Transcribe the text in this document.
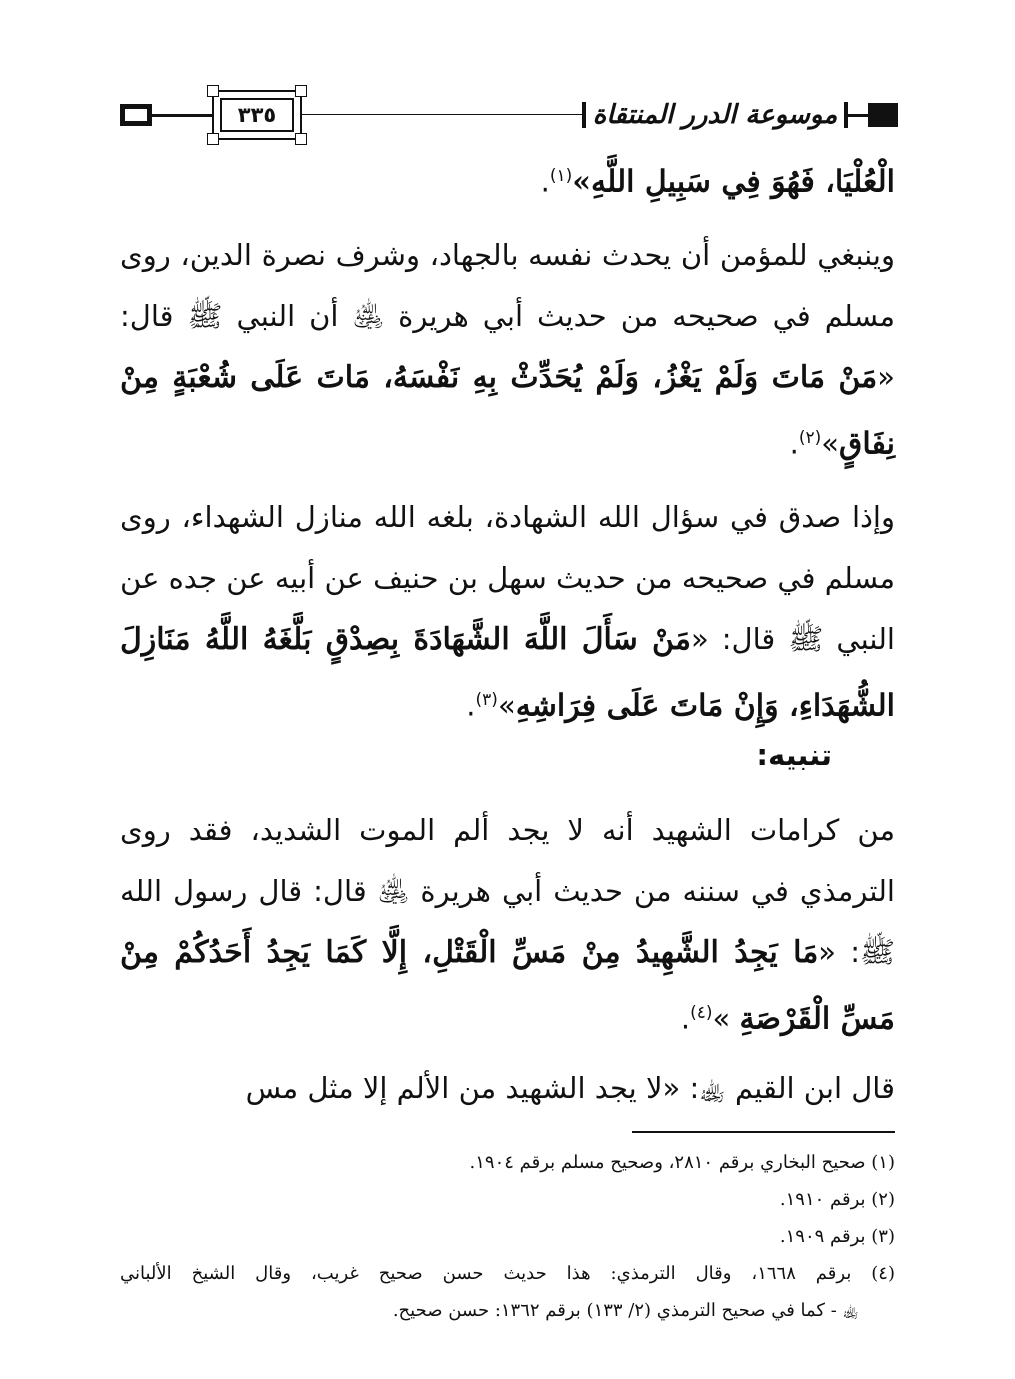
٣٣٥	موسوعة الدرر المنتقاة
الْعُلْيَا، فَهُوَ فِي سَبِيلِ اللَّهِ»$^{(١)}$.
وينبغي للمؤمن أن يحدث نفسه بالجهاد، وشرف نصرة الدين، روى مسلم في صحيحه من حديث أبي هريرة ﵁ أن النبي ﷺ قال: «مَنْ مَاتَ وَلَمْ يَغْزُ، وَلَمْ يُحَدِّثْ بِهِ نَفْسَهُ، مَاتَ عَلَى شُعْبَةٍ مِنْ نِفَاقٍ»$^{(٢)}$.
وإذا صدق في سؤال الله الشهادة، بلغه الله منازل الشهداء، روى مسلم في صحيحه من حديث سهل بن حنيف عن أبيه عن جده عن النبي ﷺ قال: «مَنْ سَأَلَ اللَّهَ الشَّهَادَةَ بِصِدْقٍ بَلَّغَهُ اللَّهُ مَنَازِلَ الشُّهَدَاءِ، وَإِنْ مَاتَ عَلَى فِرَاشِهِ»$^{(٣)}$.
تنبيه:
من كرامات الشهيد أنه لا يجد ألم الموت الشديد، فقد روى الترمذي في سننه من حديث أبي هريرة ﵁ قال: قال رسول الله ﷺ: «مَا يَجِدُ الشَّهِيدُ مِنْ مَسِّ الْقَتْلِ، إِلَّا كَمَا يَجِدُ أَحَدُكُمْ مِنْ مَسِّ الْقَرْصَةِ »$^{(٤)}$.
قال ابن القيم ﵀: «لا يجد الشهيد من الألم إلا مثل مس
(١) صحيح البخاري برقم ٢٨١٠، وصحيح مسلم برقم ١٩٠٤.
(٢) برقم ١٩١٠.
(٣) برقم ١٩٠٩.
(٤) برقم ١٦٦٨، وقال الترمذي: هذا حديث حسن صحيح غريب، وقال الشيخ الألباني
﵀ - كما في صحيح الترمذي (٢/ ١٣٣) برقم ١٣٦٢: حسن صحيح.
